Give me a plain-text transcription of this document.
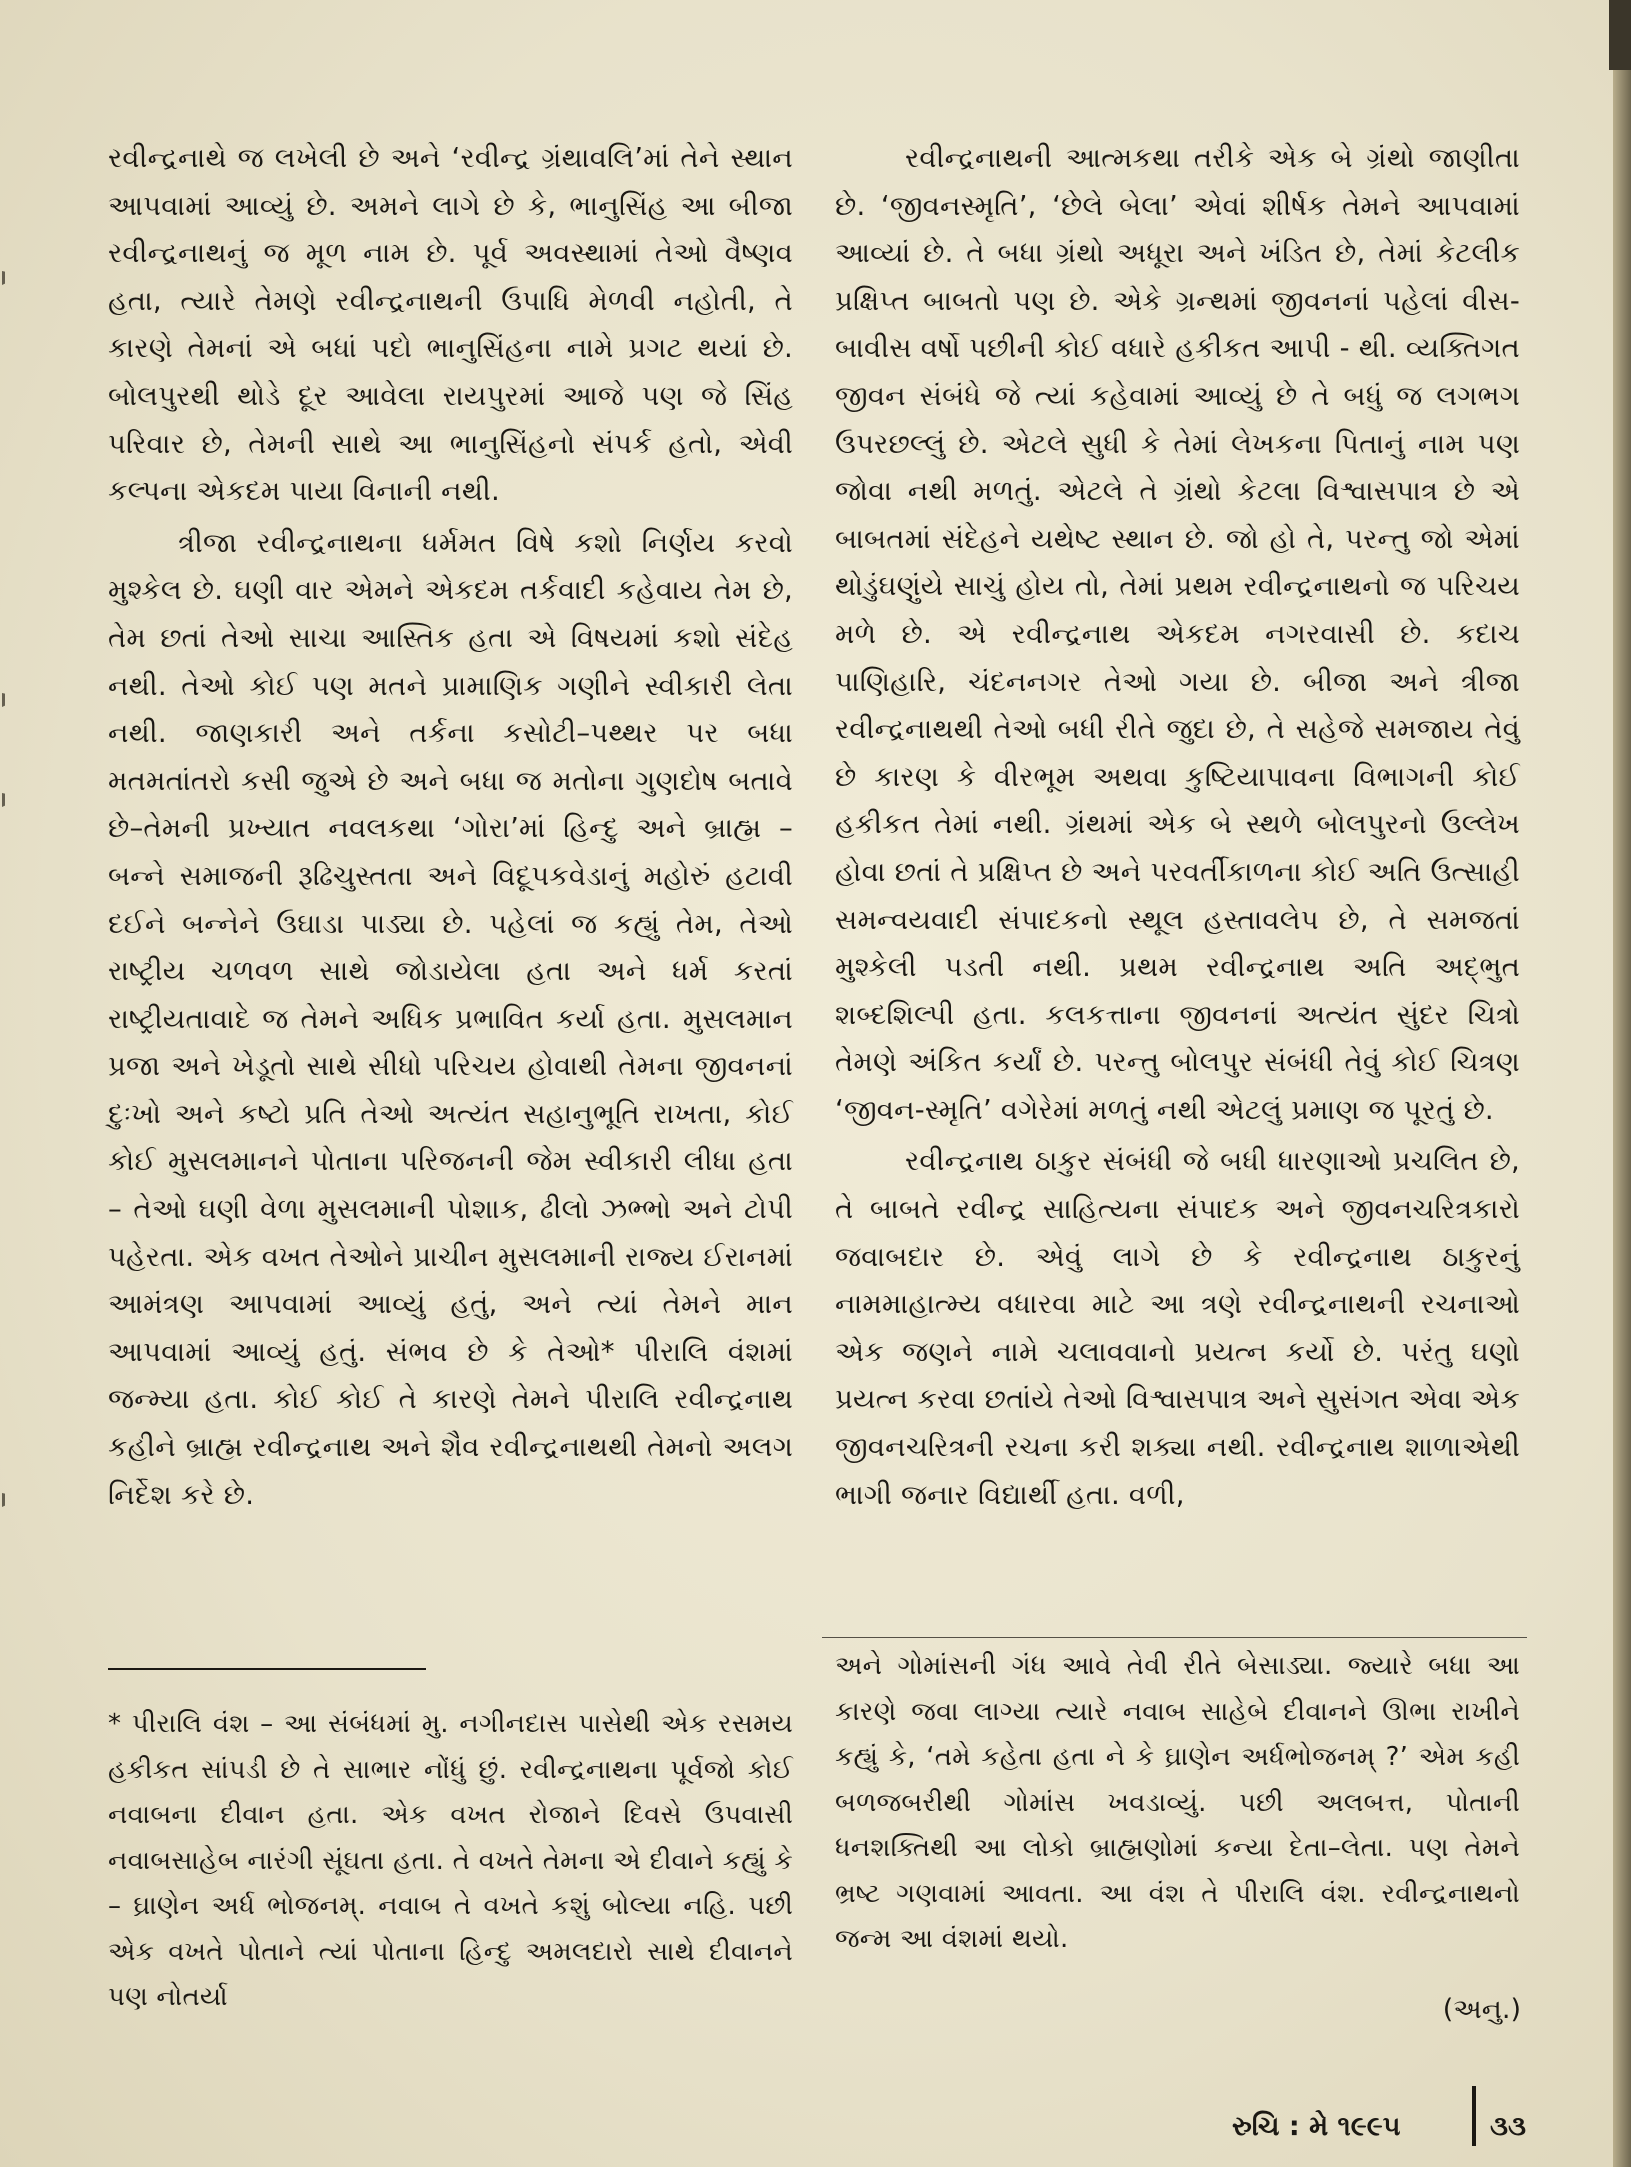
રવીન્દ્રનાથે જ લખેલી છે અને ‘રવીન્દ્ર ગ્રંથાવલિ’માં તેને સ્થાન આપવામાં આવ્યું છે. અમને લાગે છે કે, ભાનુસિંહ આ બીજા રવીન્દ્રનાથનું જ મૂળ નામ છે. પૂર્વ અવસ્થામાં તેઓ વૈષ્ણવ હતા, ત્યારે તેમણે રવીન્દ્રનાથની ઉપાધિ મેળવી નહોતી, તે કારણે તેમનાં એ બધાં પદો ભાનુસિંહના નામે પ્રગટ થયાં છે. બોલપુરથી થોડે દૂર આવેલા રાયપુરમાં આજે પણ જે સિંહ પરિવાર છે, તેમની સાથે આ ભાનુસિંહનો સંપર્ક હતો, એવી કલ્પના એકદમ પાયા વિનાની નથી.

ત્રીજા રવીન્દ્રનાથના ધર્મમત વિષે કશો નિર્ણય કરવો મુશ્કેલ છે. ઘણી વાર એમને એકદમ તર્કવાદી કહેવાય તેમ છે, તેમ છતાં તેઓ સાચા આસ્તિક હતા એ વિષયમાં કશો સંદેહ નથી. તેઓ કોઈ પણ મતને પ્રામાણિક ગણીને સ્વીકારી લેતા નથી. જાણકારી અને તર્કના કસોટી–પથ્થર પર બધા મતમતાંતરો કસી જુએ છે અને બધા જ મતોના ગુણદોષ બતાવે છે–તેમની પ્રખ્યાત નવલકથા ‘ગોરા’માં હિન્દુ અને બ્રાહ્મ – બન્ને સમાજની રૂઢિચુસ્તતા અને વિદૂપકવેડાનું મહોરું હટાવી દઈને બન્નેને ઉઘાડા પાડ્યા છે. પહેલાં જ કહ્યું તેમ, તેઓ રાષ્ટ્રીય ચળવળ સાથે જોડાયેલા હતા અને ધર્મ કરતાં રાષ્ટ્રીયતાવાદે જ તેમને અધિક પ્રભાવિત કર્યા હતા. મુસલમાન પ્રજા અને ખેડૂતો સાથે સીધો પરિચય હોવાથી તેમના જીવનનાં દુઃખો અને કષ્ટો પ્રતિ તેઓ અત્યંત સહાનુભૂતિ રાખતા, કોઈ કોઈ મુસલમાનને પોતાના પરિજનની જેમ સ્વીકારી લીધા હતા – તેઓ ઘણી વેળા મુસલમાની પોશાક, ઢીલો ઝભ્ભો અને ટોપી પહેરતા. એક વખત તેઓને પ્રાચીન મુસલમાની રાજ્ય ઈરાનમાં આમંત્રણ આપવામાં આવ્યું હતું, અને ત્યાં તેમને માન આપવામાં આવ્યું હતું. સંભવ છે કે તેઓ* પીરાલિ વંશમાં જન્મ્યા હતા. કોઈ કોઈ તે કારણે તેમને પીરાલિ રવીન્દ્રનાથ કહીને બ્રાહ્મ રવીન્દ્રનાથ અને શૈવ રવીન્દ્રનાથથી તેમનો અલગ નિર્દેશ કરે છે.

રવીન્દ્રનાથની આત્મકથા તરીકે એક બે ગ્રંથો જાણીતા છે. ‘જીવનસ્મૃતિ’, ‘છેલે બેલા’ એવાં શીર્ષક તેમને આપવામાં આવ્યાં છે. તે બધા ગ્રંથો અધૂરા અને ખંડિત છે, તેમાં કેટલીક પ્રક્ષિપ્ત બાબતો પણ છે. એકે ગ્રન્થમાં જીવનનાં પહેલાં વીસ-બાવીસ વર્ષો પછીની કોઈ વધારે હકીકત આપી - થી. વ્યક્તિગત જીવન સંબંધે જે ત્યાં કહેવામાં આવ્યું છે તે બધું જ લગભગ ઉપરછલ્લું છે. એટલે સુધી કે તેમાં લેખકના પિતાનું નામ પણ જોવા નથી મળતું. એટલે તે ગ્રંથો કેટલા વિશ્વાસપાત્ર છે એ બાબતમાં સંદેહને યથેષ્ટ સ્થાન છે. જો હો તે, પરન્તુ જો એમાં થોડુંઘણુંયે સાચું હોય તો, તેમાં પ્રથમ રવીન્દ્રનાથનો જ પરિચય મળે છે. એ રવીન્દ્રનાથ એકદમ નગરવાસી છે. કદાચ પાણિહારિ, ચંદનનગર તેઓ ગયા છે. બીજા અને ત્રીજા રવીન્દ્રનાથથી તેઓ બધી રીતે જુદા છે, તે સહેજે સમજાય તેવું છે કારણ કે વીરભૂમ અથવા કુષ્ટિયાપાવના વિભાગની કોઈ હકીકત તેમાં નથી. ગ્રંથમાં એક બે સ્થળે બોલપુરનો ઉલ્લેખ હોવા છતાં તે પ્રક્ષિપ્ત છે અને પરવર્તીકાળના કોઈ અતિ ઉત્સાહી સમન્વયવાદી સંપાદકનો સ્થૂલ હસ્તાવલેપ છે, તે સમજતાં મુશ્કેલી પડતી નથી. પ્રથમ રવીન્દ્રનાથ અતિ અદ્ભુત શબ્દશિલ્પી હતા. કલકત્તાના જીવનનાં અત્યંત સુંદર ચિત્રો તેમણે અંકિત કર્યાં છે. પરન્તુ બોલપુર સંબંધી તેવું કોઈ ચિત્રણ ‘જીવન-સ્મૃતિ’ વગેરેમાં મળતું નથી એટલું પ્રમાણ જ પૂરતું છે.

રવીન્દ્રનાથ ઠાકુર સંબંધી જે બધી ધારણાઓ પ્રચલિત છે, તે બાબતે રવીન્દ્ર સાહિત્યના સંપાદક અને જીવનચરિત્રકારો જવાબદાર છે. એવું લાગે છે કે રવીન્દ્રનાથ ઠાકુરનું નામમાહાત્મ્ય વધારવા માટે આ ત્રણે રવીન્દ્રનાથની રચનાઓ એક જણને નામે ચલાવવાનો પ્રયત્ન કર્યો છે. પરંતુ ઘણો પ્રયત્ન કરવા છતાંયે તેઓ વિશ્વાસપાત્ર અને સુસંગત એવા એક જીવનચરિત્રની રચના કરી શક્યા નથી. રવીન્દ્રનાથ શાળાએથી ભાગી જનાર વિદ્યાર્થી હતા. વળી,

* પીરાલિ વંશ – આ સંબંધમાં મુ. નગીનદાસ પાસેથી એક રસમય હકીકત સાંપડી છે તે સાભાર નોંધું છું. રવીન્દ્રનાથના પૂર્વજો કોઈ નવાબના દીવાન હતા. એક વખત રોજાને દિવસે ઉપવાસી નવાબસાહેબ નારંગી સૂંઘતા હતા. તે વખતે તેમના એ દીવાને કહ્યું કે – ઘ્રાણેન અર્ધ ભોજનમ્. નવાબ તે વખતે કશું બોલ્યા નહિ. પછી એક વખતે પોતાને ત્યાં પોતાના હિન્દુ અમલદારો સાથે દીવાનને પણ નોતર્યા

અને ગોમાંસની ગંધ આવે તેવી રીતે બેસાડ્યા. જ્યારે બધા આ કારણે જવા લાગ્યા ત્યારે નવાબ સાહેબે દીવાનને ઊભા રાખીને કહ્યું કે, ‘તમે કહેતા હતા ને કે ઘ્રાણેન અર્ધભોજનમ્ ?’ એમ કહી બળજબરીથી ગોમાંસ ખવડાવ્યું. પછી અલબત્ત, પોતાની ધનશક્તિથી આ લોકો બ્રાહ્મણોમાં કન્યા દેતા–લેતા. પણ તેમને ભ્રષ્ટ ગણવામાં આવતા. આ વંશ તે પીરાલિ વંશ. રવીન્દ્રનાથનો જન્મ આ વંશમાં થયો.

(અનુ.)
રુચિ : મે ૧૯૯૫	૩૩
